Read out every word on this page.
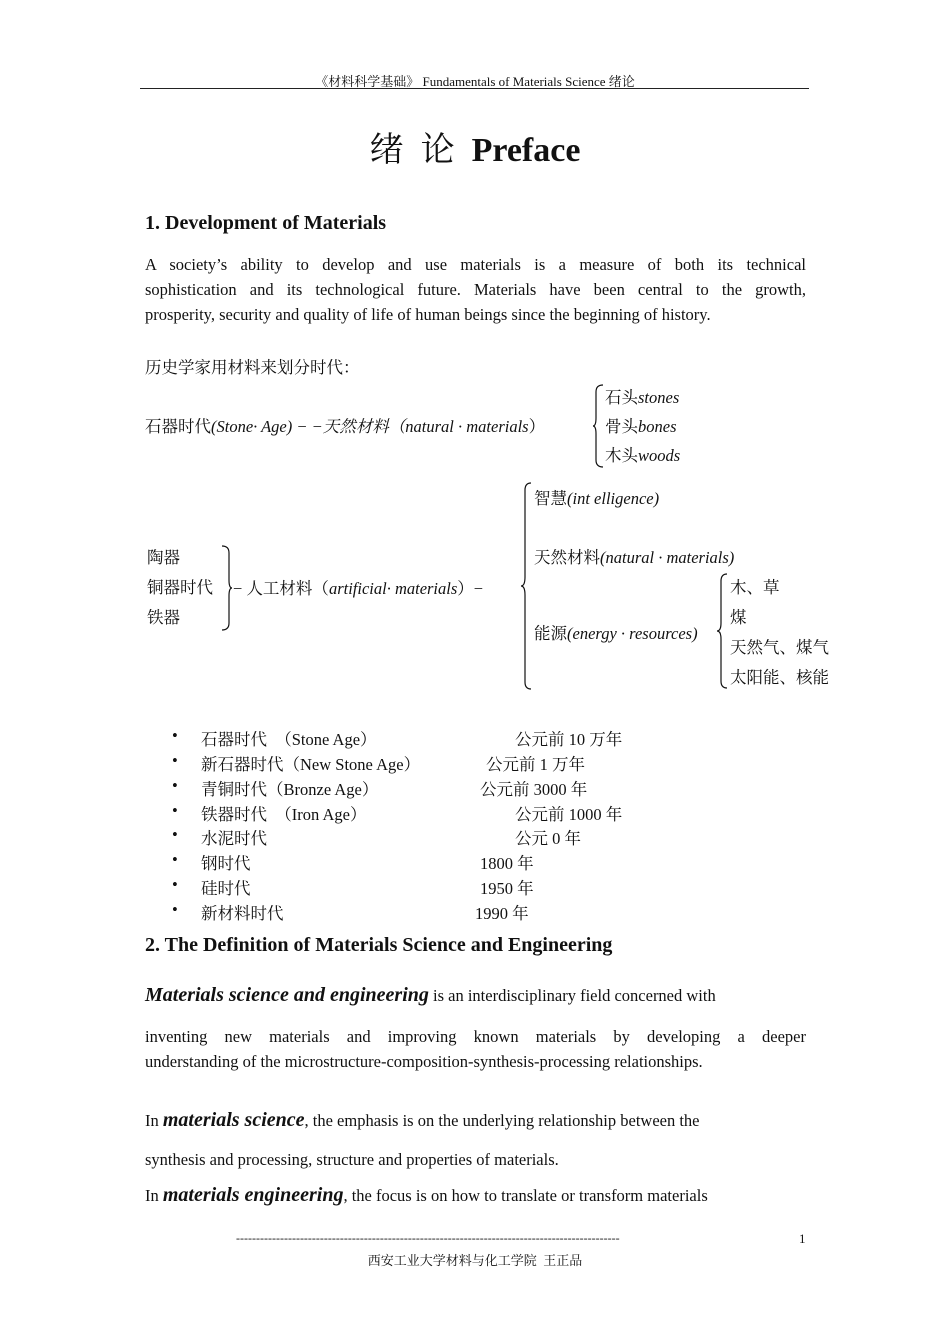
《材料科学基础》 Fundamentals of Materials Science 绪论
绪  论 Preface
1. Development of Materials
A society’s ability to develop and use materials is a measure of both its technical
sophistication and its technological future. Materials have been central to the growth,
prosperity, security and quality of life of human beings since the beginning of history.
历史学家用材料来划分时代：
石器时代(Stone· Age) − −天然材料（natural · materials）
石头stones
骨头bones
木头woods
陶器
铜器时代
铁器
− 人工材料（artificial· materials）−
智慧(int elligence)
天然材料(natural · materials)
能源(energy · resources)
木、草
煤
天然气、煤气
太阳能、核能
• 石器时代  （Stone Age）	公元前 10 万年
• 新石器时代（New Stone Age）	公元前 1 万年
• 青铜时代（Bronze Age）	公元前 3000 年
• 铁器时代  （Iron Age）	公元前 1000 年
• 水泥时代	公元 0 年
• 钢时代	1800 年
• 硅时代	1950 年
• 新材料时代	1990 年
2. The Definition of Materials Science and Engineering
Materials science and engineering is an interdisciplinary field concerned with
inventing new materials and improving known materials by developing a deeper
understanding of the microstructure-composition-synthesis-processing relationships.
In materials science, the emphasis is on the underlying relationship between the
synthesis and processing, structure and properties of materials.
In materials engineering, the focus is on how to translate or transform materials
------------------------------------------------------------------------------------------------	1
西安工业大学材料与化工学院  王正品
